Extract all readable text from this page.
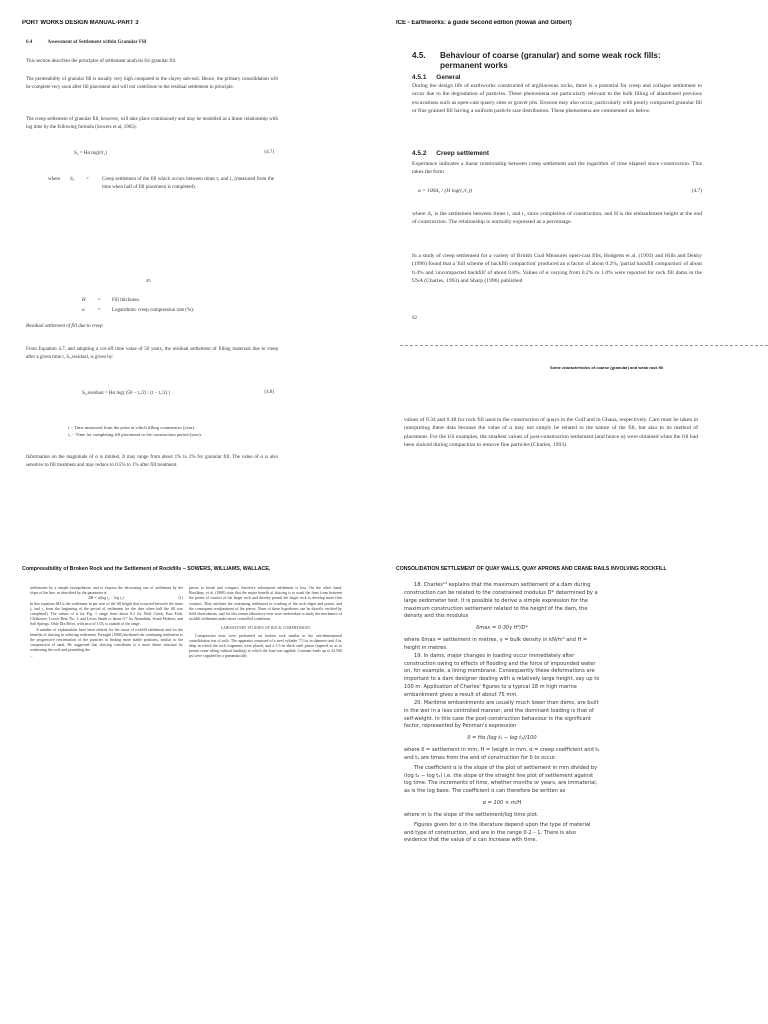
PORT WORKS DESIGN MANUAL-PART 3
6.4	Assessment of Settlement within Granular Fill

This section describes the principles of settlement analysis for granular fill.

The permeability of granular fill is usually very high compared to the clayey sub-soil. Hence, the primary consolidation will be complete very soon after fill placement and will not contribute to the residual settlement in principle.

The creep settlement of granular fill, however, will take place continuously and may be modelled as a linear relationship with log time by the following formula (Sowers et al, 1965):

S꜀ = Hα log(t/t₁)	(4.7)
where S꜀ =	Creep settlement of the fill which occurs between times t₁ and t₂ (measured from the time when half of fill placement is completed).

45
H	=	Fill thickness.
α	=	Logarithmic creep compression rate (%).
Residual settlement of fill due to creep

From Equation 4.7, and adopting a cut-off time value of 50 years, the residual settlement of filling materials due to creep after a given time t, S꜀,residual, is given by:

S꜀,residual = Hα log( (50 − t꜀/2) / (t − t꜀/2) )	(4.8)
t − Time measured from the point at which filling commences (year).
t꜀ − Time for completing fill placement or the construction period (year).

Information on the magnitude of α is limited. It may range from about 1% to 2% for granular fill. The value of α is also sensitive to fill treatment and may reduce to 0.5% to 1% after fill treatment.

ICE - Earthworks: a guide Second edition (Nowak and Gilbert)
4.5. Behaviour of coarse (granular) and some weak rock fills: permanent works
4.5.1 General

During the design life of earthworks constructed of argillaceous rocks, there is a potential for creep and collapse settlement to occur due to the degradation of particles. These phenomena are particularly relevant to the bulk filling of abandoned previous excavations such as open-cast quarry sites or gravel pits. Erosion may also occur, particularly with poorly compacted granular fill or fine grained fill having a uniform particle size distribution. These phenomena are commented on below.

4.5.2 Creep settlement

Experience indicates a linear relationship between creep settlement and the logarithm of time elapsed since construction. This takes the form

α = 100Δ₁ / (H log(t₂/t₁))	(4.7)

where Δ₁ is the settlement between times t₁ and t₂ since completion of construction, and H is the embankment height at the end of construction. The relationship is normally expressed as a percentage.

In a study of creep settlement for a variety of British Coal Measures open-cast fills, Hodgetts et al. (1993) and Hills and Denby (1996) found that a 'full scheme of backfill compaction' produced an α factor of about 0.2%, 'partial backfill compaction' of about 0.4% and 'uncompacted backfill' of about 0.8%. Values of α varying from 0.2% to 1.0% were reported for rock fill dams in the USA (Charles, 1993) and Sharp (1996) published

62
Some characteristics of coarse (granular) and weak rock fill

values of 0.34 and 0.48 for rock fill used in the construction of quays in the Gulf and in Ghana, respectively. Care must be taken in interpreting these data because the value of α may not simply be related to the nature of the fill, but also to its method of placement. For the US examples, the smallest values of post-construction settlement (and hence α) were obtained when the fill had been sluiced during compaction to remove fine particles (Charles, 1993).

Compressibility of Broken Rock and the Settlement of Rockfills – SOWERS, WILLIAMS, WALLACE,

settlements by a simple extrapolation, and to express the decreasing rate of settlement by the slope of the line, as described by the parameter α:

ΔH = α(log t₂ − log t₁).	(1)

In this equation ΔH is the settlement in per cent of the fill height that occurred between the times t₁ and t₂ from the beginning of the period of settlement (or the date when half the fill was completed). The values of α for Fig. 1 range from about 0.2 for Wolf Creek, East Fork, Chilhowee, Lower Bear No. 1, and Lewis Smith to about 0.7 for Nantahala, South Holston, and Salt Springs. Only Dix River, with an α of 1.03, is outside of the range.

A number of explanations have been offered for the cause of rockfill settlement and for the benefits of sluicing in reducing settlement. Terzaghi (1960) attributed the continuing settlement to the progressive reorientation of the particles in finding more stable positions, similar to the compression of sand. He suggested that sluicing contributes to a more dense structure by weakening the rock and permitting the

...

pieces to break and compact; therefore subsequent settlement is less. On the other hand, Boothbay, et al. (1960) state that the major benefit of sluicing is to wash the fines from between the points of contact of the larger rock and thereby permit the larger rock to develop more firm contacts. They attribute the continuing settlement to crushing of the rock edges and points, and the consequent readjustment of the pieces. None of these hypotheses can be directly verified by field observations, and for this reason laboratory tests were undertaken to study the mechanics of rockfill settlement under more controlled conditions.

LABORATORY STUDIES OF ROCK COMPRESSION

Compression tests were performed on broken rock similar to the one-dimensional consolidation test of soils. The apparatus consisted of a steel cylinder 7.5 in. in diameter and 4 in. deep in which the rock fragments were placed, and a 1.5-in.-thick steel piston (tapered so as to permit some tilting without binding) to which the load was applied. Constant loads up to 32,500 psf were supplied by a pneumatically

CONSOLIDATION SETTLEMENT OF QUAY WALLS, QUAY APRONS AND CRANE RAILS INVOLVING ROCKFILL

18. Charles¹³ explains that the maximum settlement of a dam during construction can be related to the constrained modulus D* determined by a large oedometer test. It is possible to derive a simple expression for the maximum construction settlement related to the height of the dam, the density and this modulus

δmax = 0·30γ H²/D*

where δmax = settlement in metres, γ = bulk density in kN/m³ and H = height in metres.

19. In dams, major changes in loading occur immediately after construction owing to effects of flooding and the force of impounded water on, for example, a lining membrane. Consequently these deformations are important to a dam designer dealing with a relatively large height, say up to 100 m. Application of Charles' figures to a typical 18 m high marine embankment gives a result of about 75 mm.

20. Maritime embankments are usually much lower than dams, are built in the wet in a less controlled manner, and the dominant loading is that of self-weight. In this case the post-construction behaviour is the significant factor, represented by Penman's expression

δ = Hα (log t₂ − log t₁)/100

where δ = settlement in mm, H = height in mm, α = creep coefficient and t₂ and t₁ are times from the end of construction for δ to occur.

The coefficient α is the slope of the plot of settlement in mm divided by (log t₂ − log t₁) i.e. the slope of the straight line plot of settlement against log time. The increments of time, whether months or years, are immaterial, as is the log base. The coefficient α can therefore be written as

α = 100 × m/H

where m is the slope of the settlement/log time plot.

Figures given for α in the literature depend upon the type of material and type of construction, and are in the range 0·2 – 1. There is also evidence that the value of α can increase with time.
